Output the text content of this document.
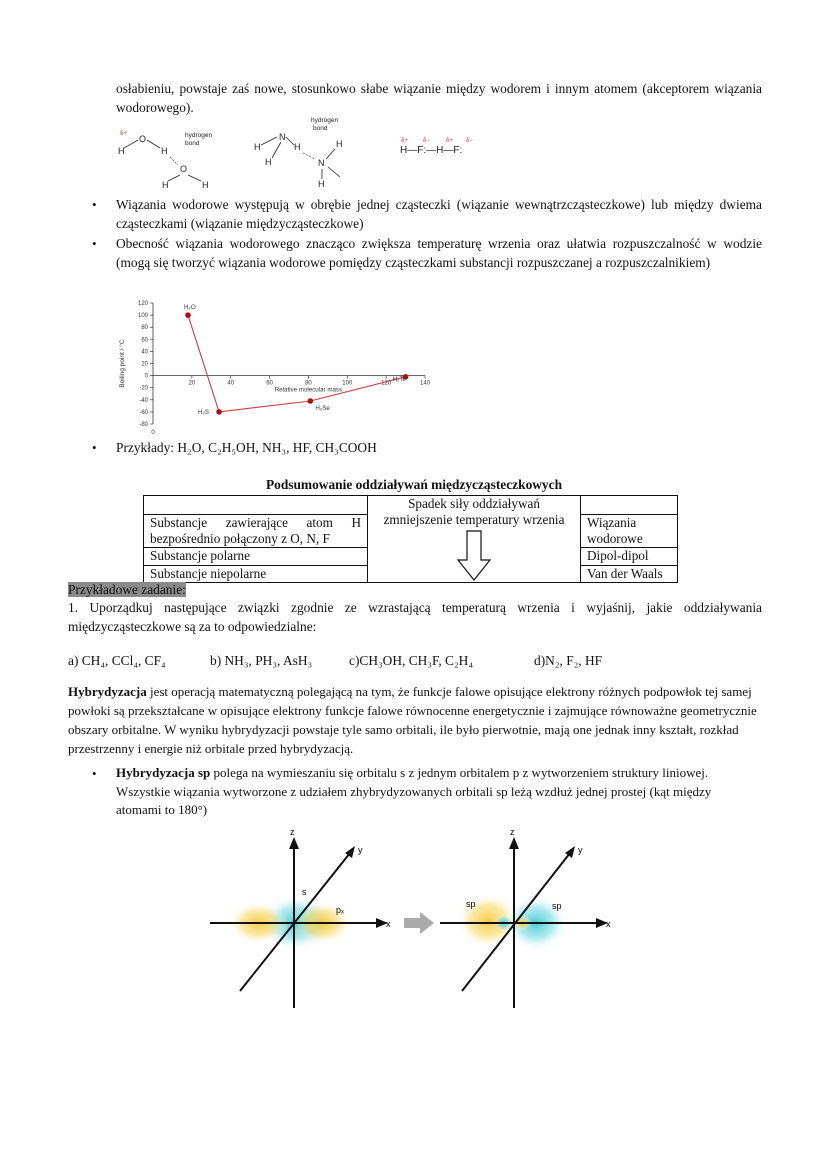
osłabieniu, powstaje zaś nowe, stosunkowo słabe wiązanie między wodorem i innym atomem (akceptorem wiązania wodorowego).
δ+
H
O
H
hydrogen
bond
O
H	H
H
N
H
H
hydrogen
bond
N
H
H
H—F:—H—F:
δ+	δ−	δ+ δ−
• Wiązania wodorowe występują w obrębie jednej cząsteczki (wiązanie wewnątrzcząsteczkowe) lub między dwiema cząsteczkami (wiązanie międzycząsteczkowe)
• Obecność wiązania wodorowego znacząco zwiększa temperaturę wrzenia oraz ułatwia rozpuszczalność w wodzie (mogą się tworzyć wiązania wodorowe pomiędzy cząsteczkami substancji rozpuszczanej a rozpuszczalnikiem)
120
100
80
60
40
20
0
-20
-40
-60
-80
20	40	60	80	100	120	140
0
Relative molecular mass
Boiling point / °C
H₂O
H₂S
H₂Se
H₂Te
• Przykłady: H₂O, C₂H₅OH, NH₃, HF, CH₃COOH
Podsumowanie oddziaływań międzycząsteczkowych

	Spadek siły oddziaływań
zmniejszenie temperatury wrzenia	

Substancje zawierające atom H bezpośrednio połączony z O, N, F		Wiązania wodorowe
Substancje polarne		Dipol-dipol
Substancje niepolarne		Van der Waals
Przykładowe zadanie:
1. Uporządkuj następujące związki zgodnie ze wzrastającą temperaturą wrzenia i wyjaśnij, jakie oddziaływania międzycząsteczkowe są za to odpowiedzialne:
a) CH₄, CCl₄, CF₄	b) NH₃, PH₃, AsH₃	c)CH₃OH, CH₃F, C₂H₄	d)N₂, F₂, HF
Hybrydyzacja jest operacją matematyczną polegającą na tym, że funkcje falowe opisujące elektrony różnych podpowłok tej samej powłoki są przekształcane w opisujące elektrony funkcje falowe równocenne energetycznie i zajmujące równoważne geometrycznie obszary orbitalne. W wyniku hybrydyzacji powstaje tyle samo orbitali, ile było pierwotnie, mają one jednak inny kształt, rozkład przestrzenny i energie niż orbitale przed hybrydyzacją.
• Hybrydyzacja sp polega na wymieszaniu się orbitalu s z jednym orbitalem p z wytworzeniem struktury liniowej. Wszystkie wiązania wytworzone z udziałem zhybrydyzowanych orbitali sp leżą wzdłuż jednej prostej (kąt między atomami to 180°)
z
y
x
s
pₓ
z
y
x
sp	sp
